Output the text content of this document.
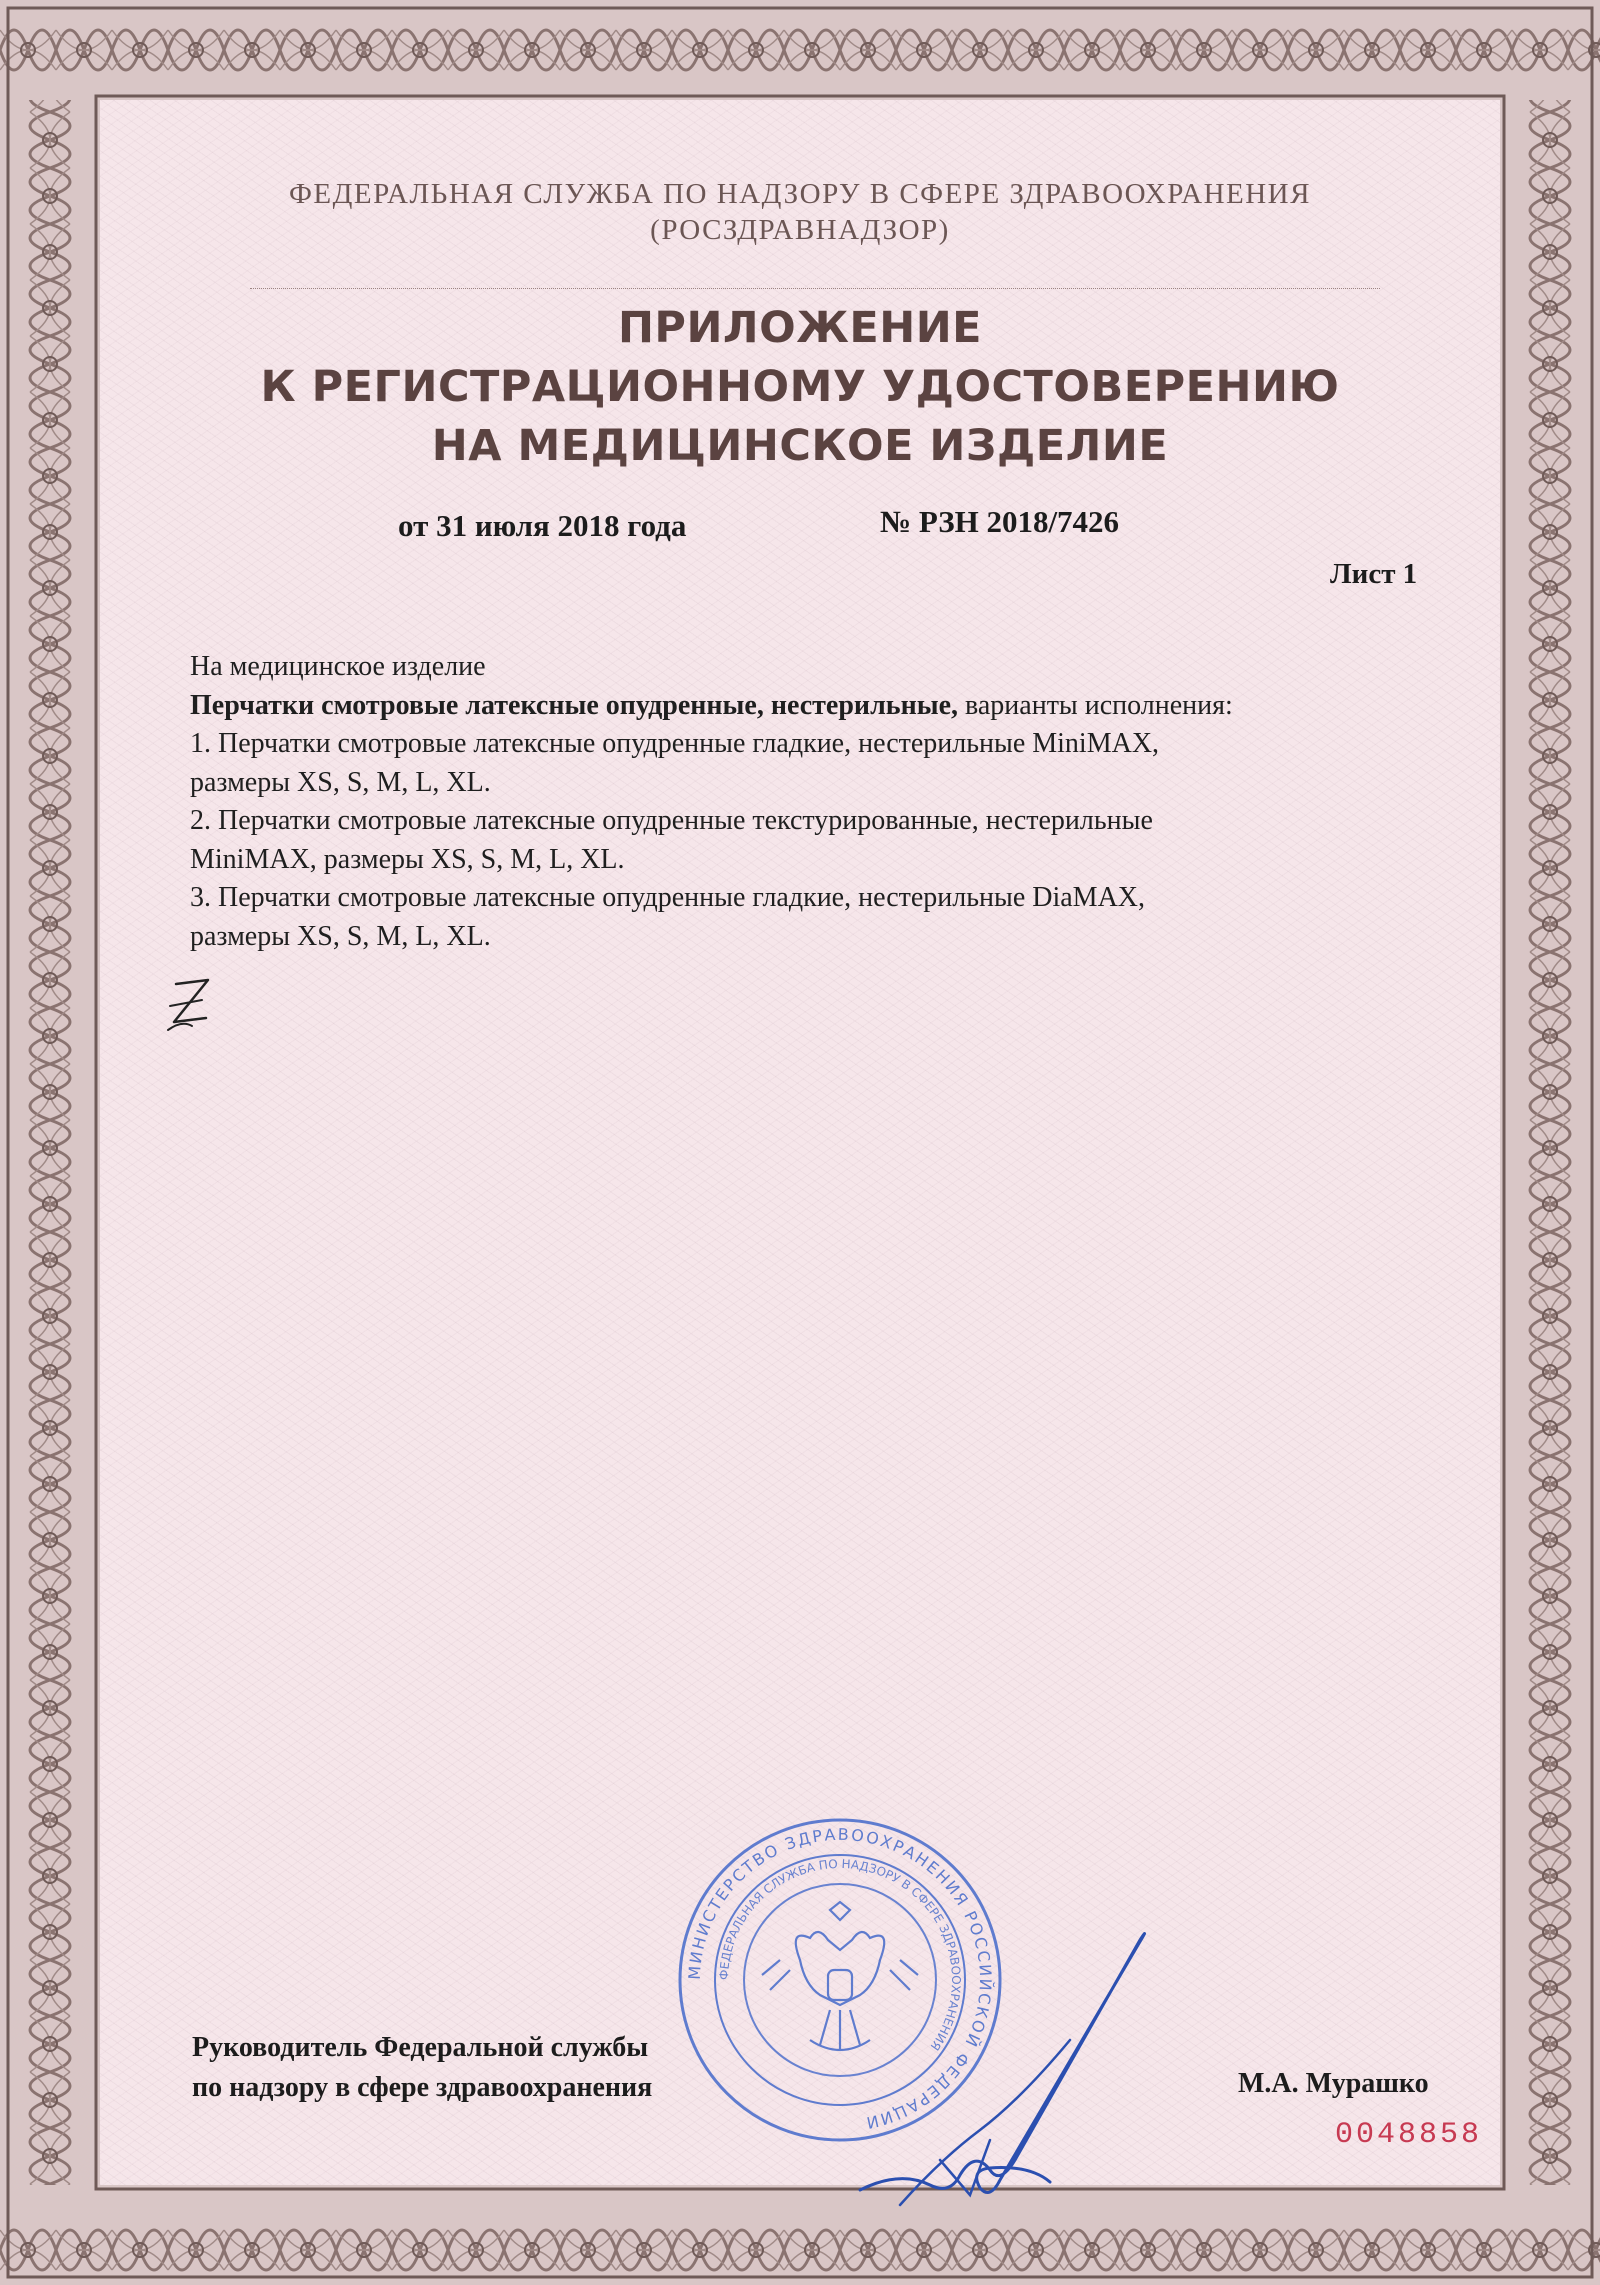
ФЕДЕРАЛЬНАЯ СЛУЖБА ПО НАДЗОРУ В СФЕРЕ ЗДРАВООХРАНЕНИЯ
(РОСЗДРАВНАДЗОР)
ПРИЛОЖЕНИЕ
К РЕГИСТРАЦИОННОМУ УДОСТОВЕРЕНИЮ
НА МЕДИЦИНСКОЕ ИЗДЕЛИЕ
от 31 июля 2018 года	№ РЗН 2018/7426
Лист 1
На медицинское изделие
Перчатки смотровые латексные опудренные, нестерильные, варианты исполнения:
1. Перчатки смотровые латексные опудренные гладкие, нестерильные MiniMAX,
размеры XS, S, M, L, XL.
2. Перчатки смотровые латексные опудренные текстурированные, нестерильные
MiniMAX, размеры XS, S, M, L, XL.
3. Перчатки смотровые латексные опудренные гладкие, нестерильные DiaMAX,
размеры XS, S, M, L, XL.
МИНИСТЕРСТВО ЗДРАВООХРАНЕНИЯ РОССИЙСКОЙ ФЕДЕРАЦИИ
ФЕДЕРАЛЬНАЯ СЛУЖБА ПО НАДЗОРУ В СФЕРЕ ЗДРАВООХРАНЕНИЯ
Руководитель Федеральной службы
по надзору в сфере здравоохранения	М.А. Мурашко
0048858
